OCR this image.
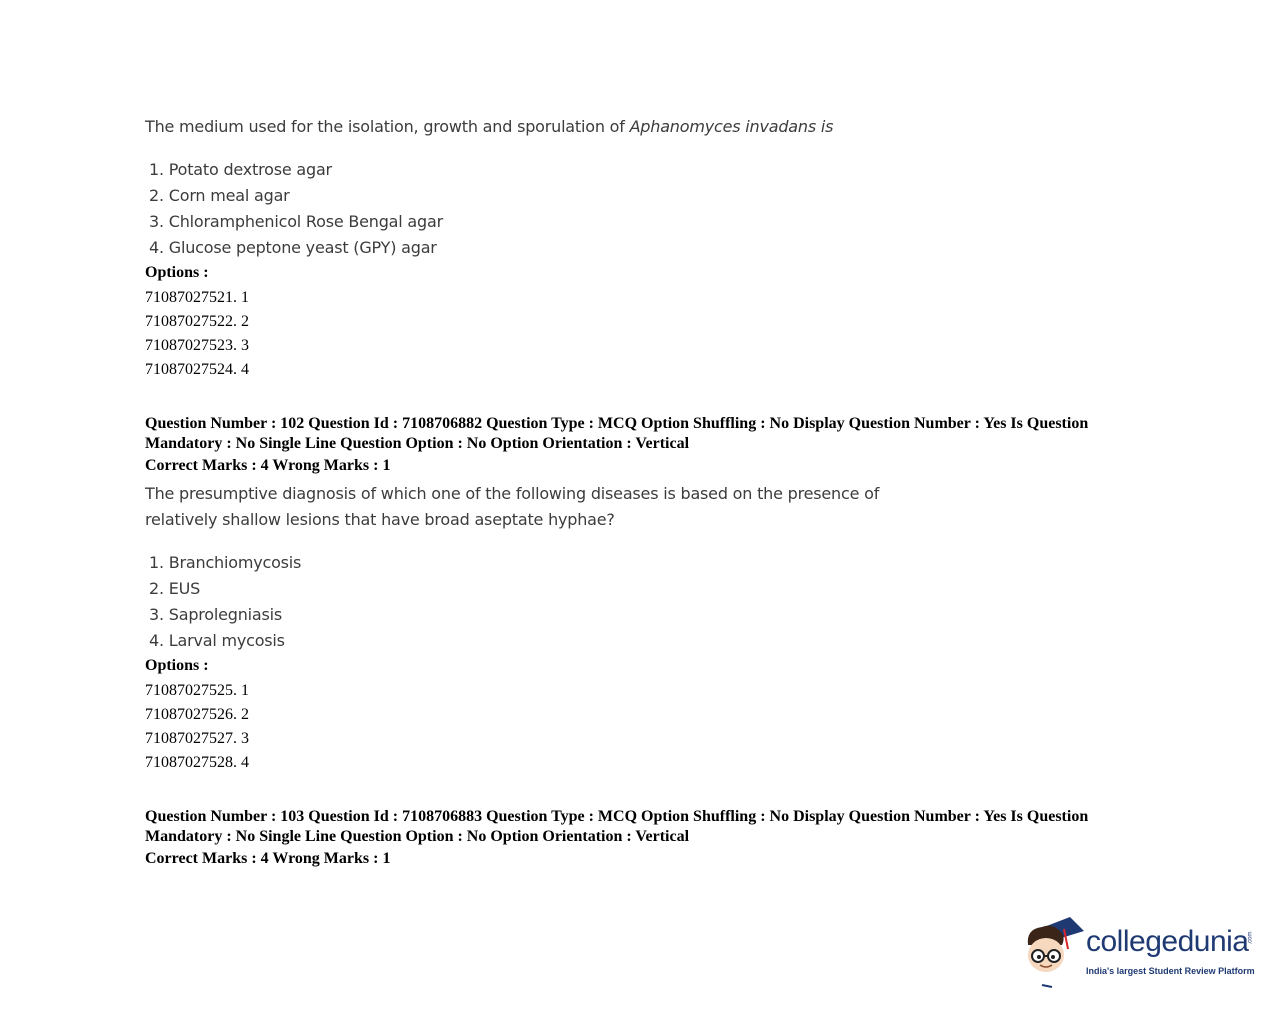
The medium used for the isolation, growth and sporulation of Aphanomyces invadans is

1. Potato dextrose agar
2. Corn meal agar
3. Chloramphenicol Rose Bengal agar
4. Glucose peptone yeast (GPY) agar

Options :

71087027521. 1
71087027522. 2
71087027523. 3
71087027524. 4

Question Number : 102 Question Id : 7108706882 Question Type : MCQ Option Shuffling : No Display Question Number : Yes Is Question Mandatory : No Single Line Question Option : No Option Orientation : Vertical

Correct Marks : 4 Wrong Marks : 1

The presumptive diagnosis of which one of the following diseases is based on the presence of
relatively shallow lesions that have broad aseptate hyphae?

1. Branchiomycosis
2. EUS
3. Saprolegniasis
4. Larval mycosis

Options :

71087027525. 1
71087027526. 2
71087027527. 3
71087027528. 4

Question Number : 103 Question Id : 7108706883 Question Type : MCQ Option Shuffling : No Display Question Number : Yes Is Question Mandatory : No Single Line Question Option : No Option Orientation : Vertical

Correct Marks : 4 Wrong Marks : 1

collegedunia .com
India's largest Student Review Platform
